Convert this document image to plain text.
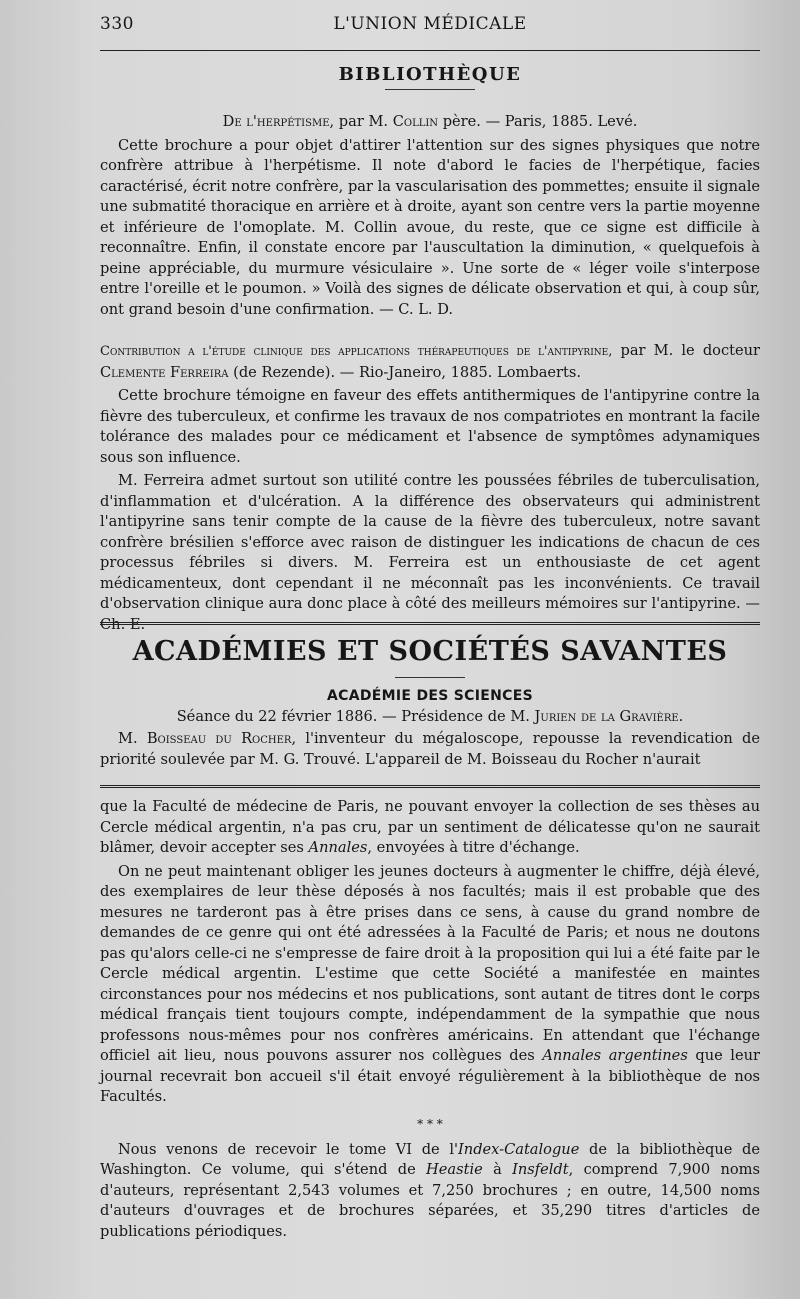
330	L'UNION MÉDICALE
BIBLIOTHÈQUE
De l'herpétisme, par M. Collin père. — Paris, 1885. Levé.

Cette brochure a pour objet d'attirer l'attention sur des signes physiques que notre confrère attribue à l'herpétisme. Il note d'abord le facies de l'herpétique, facies caractérisé, écrit notre confrère, par la vascularisation des pommettes; ensuite il signale une submatité thoracique en arrière et à droite, ayant son centre vers la partie moyenne et inférieure de l'omoplate. M. Collin avoue, du reste, que ce signe est difficile à reconnaître. Enfin, il constate encore par l'auscultation la diminution, « quelquefois à peine appréciable, du murmure vésiculaire ». Une sorte de « léger voile s'interpose entre l'oreille et le poumon. » Voilà des signes de délicate observation et qui, à coup sûr, ont grand besoin d'une confirmation. — C. L. D.

Contribution a l'étude clinique des applications thérapeutiques de l'antipyrine, par M. le docteur Clemente Ferreira (de Rezende). — Rio-Janeiro, 1885. Lombaerts.

Cette brochure témoigne en faveur des effets antithermiques de l'antipyrine contre la fièvre des tuberculeux, et confirme les travaux de nos compatriotes en montrant la facile tolérance des malades pour ce médicament et l'absence de symptômes adynamiques sous son influence.

M. Ferreira admet surtout son utilité contre les poussées fébriles de tuberculisation, d'inflammation et d'ulcération. A la différence des observateurs qui administrent l'antipyrine sans tenir compte de la cause de la fièvre des tuberculeux, notre savant confrère brésilien s'efforce avec raison de distinguer les indications de chacun de ces processus fébriles si divers. M. Ferreira est un enthousiaste de cet agent médicamenteux, dont cependant il ne méconnaît pas les inconvénients. Ce travail d'observation clinique aura donc place à côté des meilleurs mémoires sur l'antipyrine. — Ch. E.

ACADÉMIES ET SOCIÉTÉS SAVANTES
ACADÉMIE DES SCIENCES
Séance du 22 février 1886. — Présidence de M. Jurien de la Gravière.

M. Boisseau du Rocher, l'inventeur du mégaloscope, repousse la revendication de priorité soulevée par M. G. Trouvé. L'appareil de M. Boisseau du Rocher n'aurait

que la Faculté de médecine de Paris, ne pouvant envoyer la collection de ses thèses au Cercle médical argentin, n'a pas cru, par un sentiment de délicatesse qu'on ne saurait blâmer, devoir accepter ses Annales, envoyées à titre d'échange.

On ne peut maintenant obliger les jeunes docteurs à augmenter le chiffre, déjà élevé, des exemplaires de leur thèse déposés à nos facultés; mais il est probable que des mesures ne tarderont pas à être prises dans ce sens, à cause du grand nombre de demandes de ce genre qui ont été adressées à la Faculté de Paris; et nous ne doutons pas qu'alors celle-ci ne s'empresse de faire droit à la proposition qui lui a été faite par le Cercle médical argentin. L'estime que cette Société a manifestée en maintes circonstances pour nos médecins et nos publications, sont autant de titres dont le corps médical français tient toujours compte, indépendamment de la sympathie que nous professons nous-mêmes pour nos confrères américains. En attendant que l'échange officiel ait lieu, nous pouvons assurer nos collègues des Annales argentines que leur journal recevrait bon accueil s'il était envoyé régulièrement à la bibliothèque de nos Facultés.

* * *

Nous venons de recevoir le tome VI de l'Index-Catalogue de la bibliothèque de Washington. Ce volume, qui s'étend de Heastie à Insfeldt, comprend 7,900 noms d'auteurs, représentant 2,543 volumes et 7,250 brochures ; en outre, 14,500 noms d'auteurs d'ouvrages et de brochures séparées, et 35,290 titres d'articles de publications périodiques.
